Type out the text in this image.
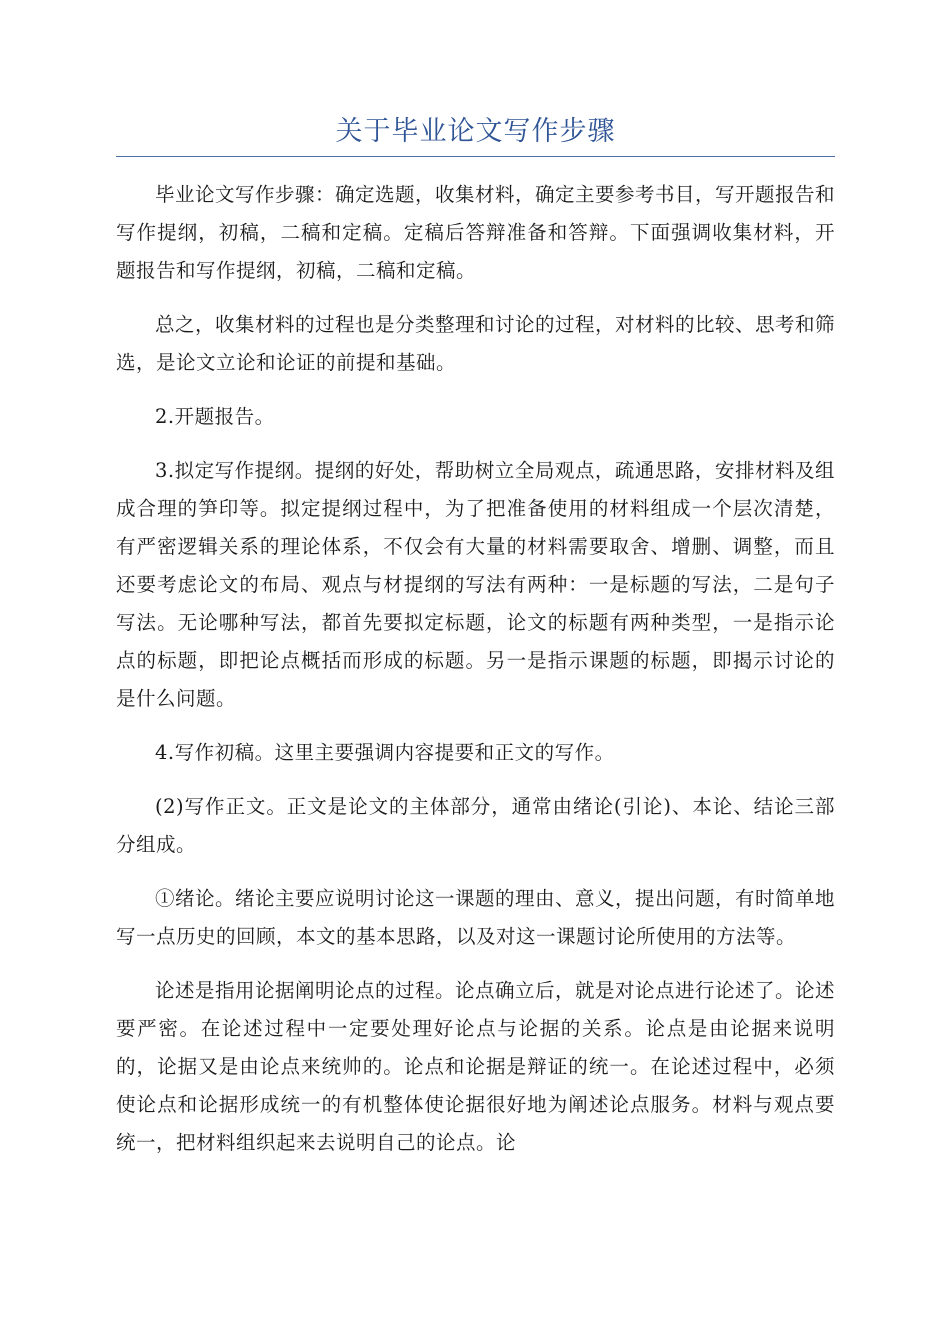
关于毕业论文写作步骤

毕业论文写作步骤：确定选题，收集材料，确定主要参考书目，写开题报告和写作提纲，初稿，二稿和定稿。定稿后答辩准备和答辩。下面强调收集材料，开题报告和写作提纲，初稿，二稿和定稿。

总之，收集材料的过程也是分类整理和讨论的过程，对材料的比较、思考和筛选，是论文立论和论证的前提和基础。

2.开题报告。

3.拟定写作提纲。提纲的好处，帮助树立全局观点，疏通思路，安排材料及组成合理的笋印等。拟定提纲过程中，为了把准备使用的材料组成一个层次清楚，有严密逻辑关系的理论体系，不仅会有大量的材料需要取舍、增删、调整，而且还要考虑论文的布局、观点与材提纲的写法有两种：一是标题的写法，二是句子写法。无论哪种写法，都首先要拟定标题，论文的标题有两种类型，一是指示论点的标题，即把论点概括而形成的标题。另一是指示课题的标题，即揭示讨论的是什么问题。

4.写作初稿。这里主要强调内容提要和正文的写作。

(2)写作正文。正文是论文的主体部分，通常由绪论(引论)、本论、结论三部分组成。

①绪论。绪论主要应说明讨论这一课题的理由、意义，提出问题，有时简单地写一点历史的回顾，本文的基本思路，以及对这一课题讨论所使用的方法等。

论述是指用论据阐明论点的过程。论点确立后，就是对论点进行论述了。论述要严密。在论述过程中一定要处理好论点与论据的关系。论点是由论据来说明的，论据又是由论点来统帅的。论点和论据是辩证的统一。在论述过程中，必须使论点和论据形成统一的有机整体使论据很好地为阐述论点服务。材料与观点要统一，把材料组织起来去说明自己的论点。论
